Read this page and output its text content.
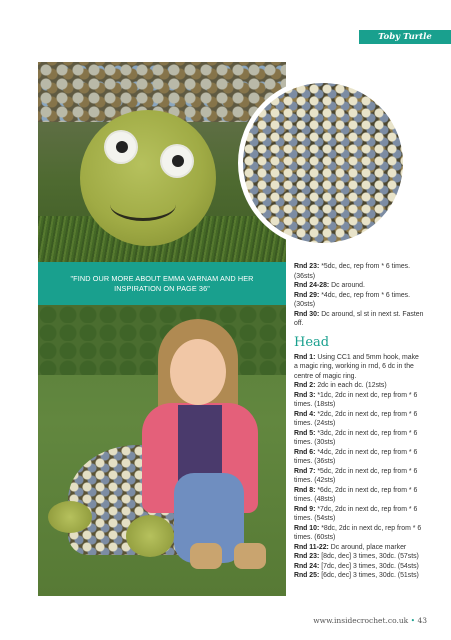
Toby Turtle
"FIND OUR MORE ABOUT EMMA VARNAM AND HER INSPIRATION ON PAGE 36"

Rnd 23: *5dc, dec, rep from * 6 times. (36sts)

Rnd 24-28: Dc around.

Rnd 29: *4dc, dec, rep from * 6 times. (30sts)

Rnd 30: Dc around, sl st in next st. Fasten off.

Head

Rnd 1: Using CC1 and 5mm hook, make a magic ring, working in rnd, 6 dc in the centre of magic ring.

Rnd 2: 2dc in each dc. (12sts)

Rnd 3: *1dc, 2dc in next dc, rep from * 6 times. (18sts)

Rnd 4: *2dc, 2dc in next dc, rep from * 6 times. (24sts)

Rnd 5: *3dc, 2dc in next dc, rep from * 6 times. (30sts)

Rnd 6: *4dc, 2dc in next dc, rep from * 6 times. (36sts)

Rnd 7: *5dc, 2dc in next dc, rep from * 6 times. (42sts)

Rnd 8: *6dc, 2dc in next dc, rep from * 6 times. (48sts)

Rnd 9: *7dc, 2dc in next dc, rep from * 6 times. (54sts)

Rnd 10: *8dc, 2dc in next dc, rep from * 6 times. (60sts)

Rnd 11-22: Dc around, place marker

Rnd 23: [8dc, dec] 3 times, 30dc. (57sts)

Rnd 24: [7dc, dec] 3 times, 30dc. (54sts)

Rnd 25: [6dc, dec] 3 times, 30dc. (51sts)

www.insidecrochet.co.uk • 43
